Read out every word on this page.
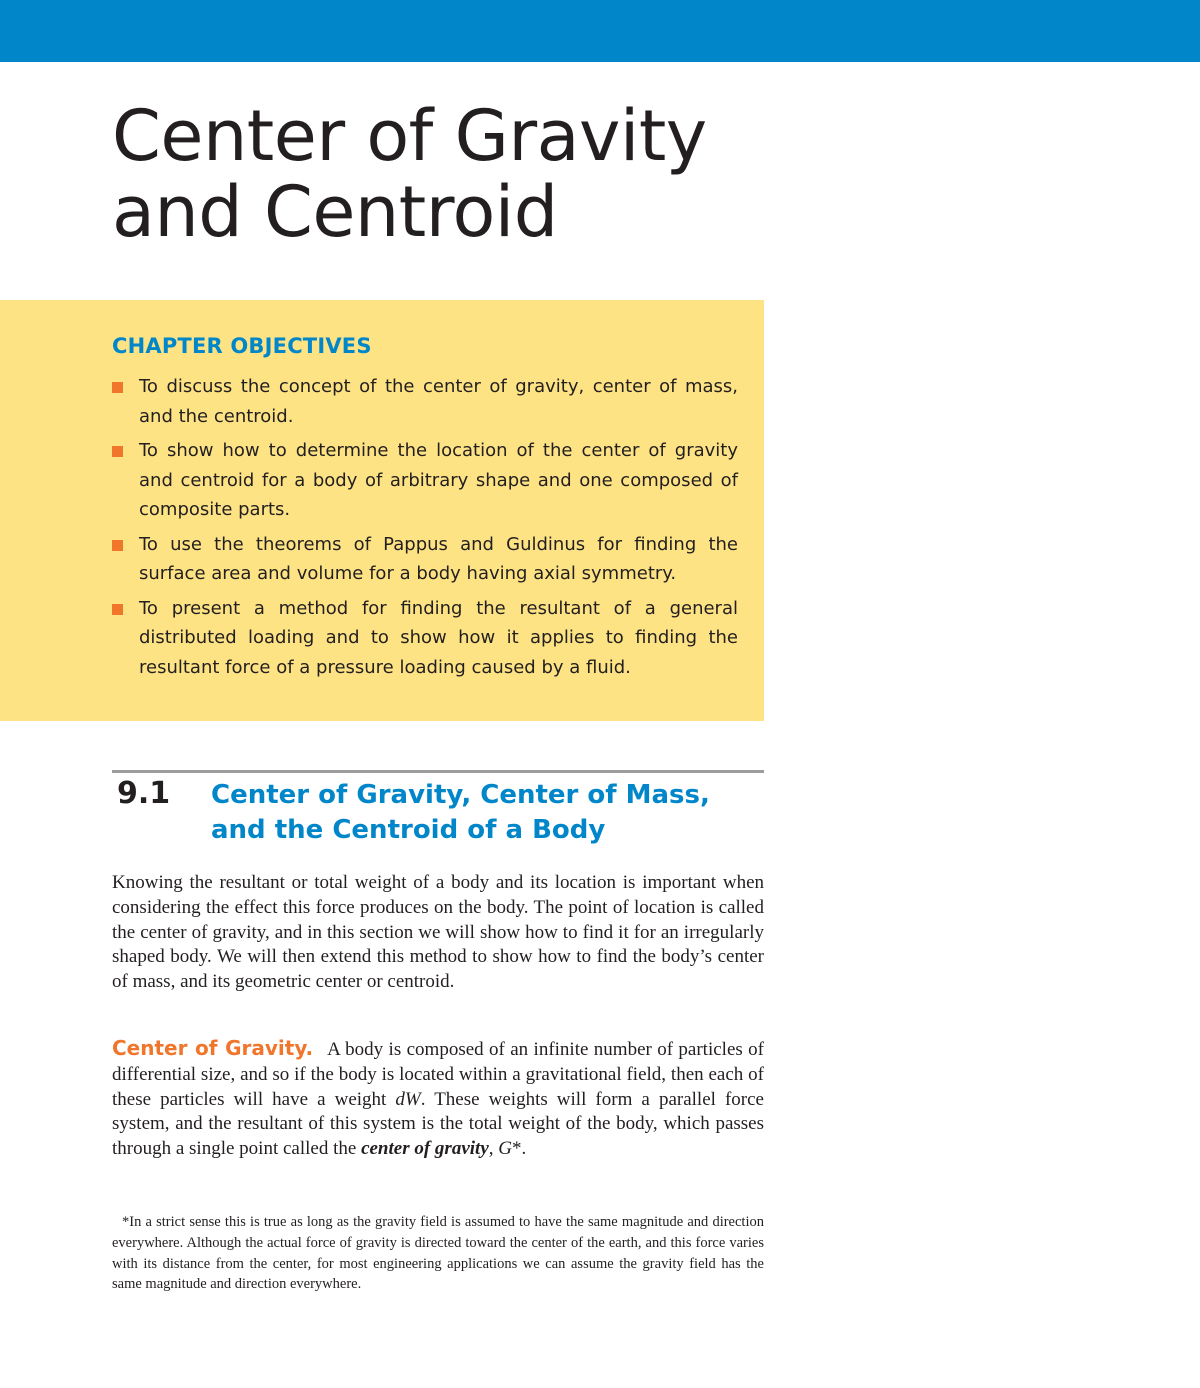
Center of Gravity
and Centroid
CHAPTER OBJECTIVES
To discuss the concept of the center of gravity, center of mass, and the centroid.
To show how to determine the location of the center of gravity and centroid for a body of arbitrary shape and one composed of composite parts.
To use the theorems of Pappus and Guldinus for finding the surface area and volume for a body having axial symmetry.
To present a method for finding the resultant of a general distributed loading and to show how it applies to finding the resultant force of a pressure loading caused by a fluid.
9.1 Center of Gravity, Center of Mass,
and the Centroid of a Body

Knowing the resultant or total weight of a body and its location is important when considering the effect this force produces on the body. The point of location is called the center of gravity, and in this section we will show how to find it for an irregularly shaped body. We will then extend this method to show how to find the body’s center of mass, and its geometric center or centroid.

Center of Gravity. A body is composed of an infinite number of particles of differential size, and so if the body is located within a gravitational field, then each of these particles will have a weight dW. These weights will form a parallel force system, and the resultant of this system is the total weight of the body, which passes through a single point called the center of gravity, G*.

*In a strict sense this is true as long as the gravity field is assumed to have the same magnitude and direction everywhere. Although the actual force of gravity is directed toward the center of the earth, and this force varies with its distance from the center, for most engineering applications we can assume the gravity field has the same magnitude and direction everywhere.
